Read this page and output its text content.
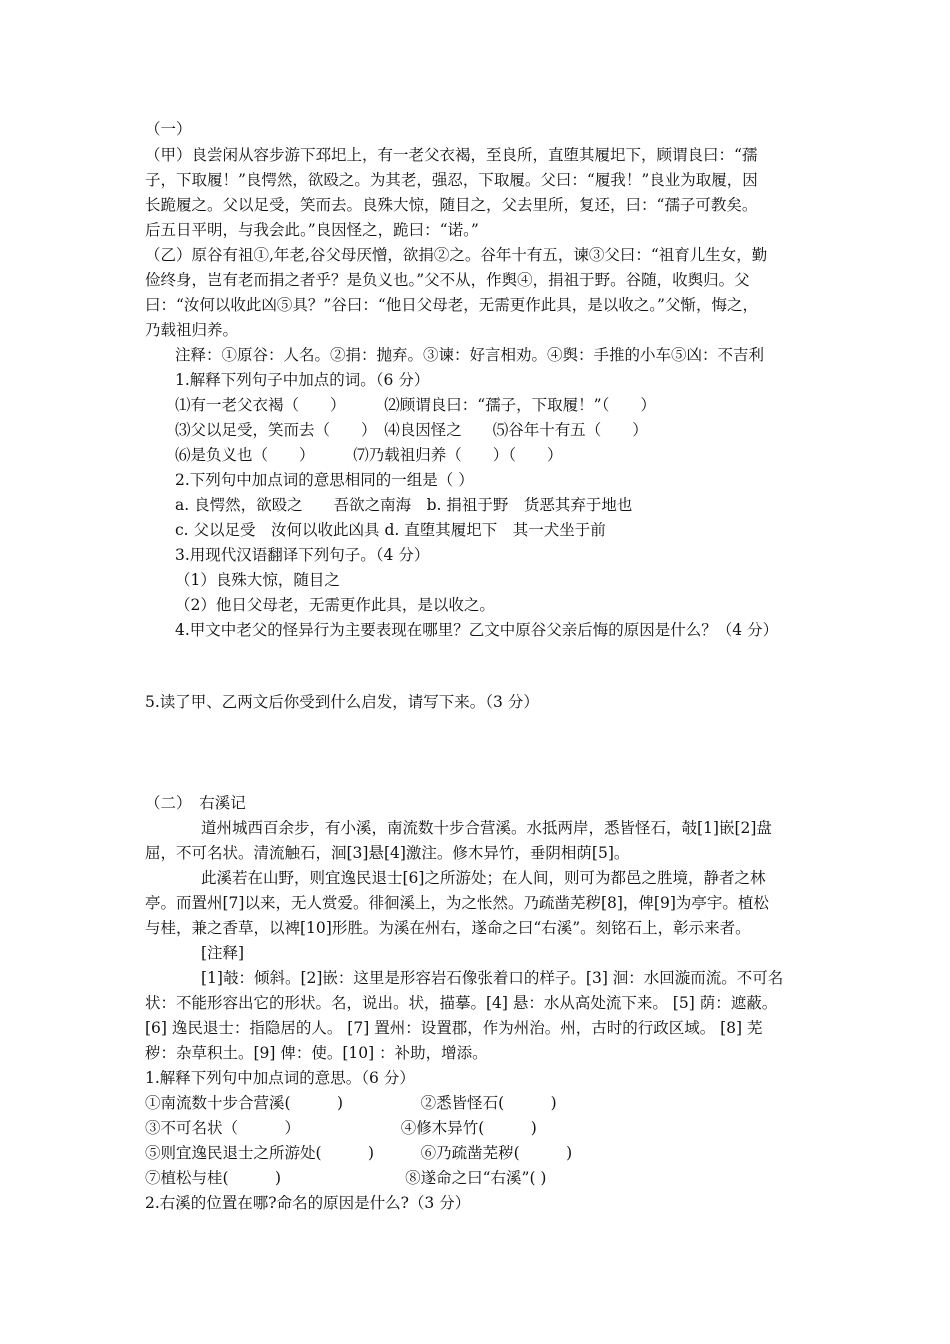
（一）
（甲）良尝闲从容步游下邳圯上，有一老父衣褐，至良所，直堕其履圯下，顾谓良曰：“孺
子，下取履！”良愕然，欲殴之。为其老，强忍，下取履。父曰：“履我！”良业为取履，因
长跪履之。父以足受，笑而去。良殊大惊，随目之，父去里所，复还，曰：“孺子可教矣。
后五日平明，与我会此。”良因怪之，跪曰：“诺。”
（乙）原谷有祖①,年老,谷父母厌憎，欲捐②之。谷年十有五，谏③父曰：“祖育儿生女，勤
俭终身，岂有老而捐之者乎？是负义也。”父不从，作舆④，捐祖于野。谷随，收舆归。父
曰：“汝何以收此凶⑤具？”谷曰：“他日父母老，无需更作此具，是以收之。”父惭，悔之，
乃载祖归养。
注释：①原谷：人名。②捐：抛弃。③谏：好言相劝。④舆：手推的小车⑤凶：不吉利
1.解释下列句子中加点的词。（6 分）
⑴有一老父衣褐（　　）　　　⑵顾谓良曰：“孺子，下取履！”（　　）
⑶父以足受，笑而去（　　）　⑷良因怪之　　⑸谷年十有五（　　）
⑹是负义也（　　）　　　⑺乃载祖归养（　　）（　　）
2.下列句中加点词的意思相同的一组是（ ）
a. 良愕然，欲殴之　　吾欲之南海　b. 捐祖于野　货恶其弃于地也
c. 父以足受　汝何以收此凶具 d. 直堕其履圯下　其一犬坐于前
3.用现代汉语翻译下列句子。（4 分）
（1）良殊大惊，随目之
（2）他日父母老，无需更作此具，是以收之。
4.甲文中老父的怪异行为主要表现在哪里？乙文中原谷父亲后悔的原因是什么？（4 分）
5.读了甲、乙两文后你受到什么启发，请写下来。（3 分）
（二）　右溪记
道州城西百余步，有小溪，南流数十步合营溪。水抵两岸，悉皆怪石，攲[1]嵌[2]盘
屈，不可名状。清流触石，洄[3]悬[4]激注。修木异竹，垂阴相荫[5]。
此溪若在山野，则宜逸民退士[6]之所游处；在人间，则可为都邑之胜境，静者之林
亭。而置州[7]以来，无人赏爱。徘徊溪上，为之怅然。乃疏凿芜秽[8]，俾[9]为亭宇。植松
与桂，兼之香草，以裨[10]形胜。为溪在州右，遂命之曰“右溪”。刻铭石上，彰示来者。
[注释]
[1]攲：倾斜。[2]嵌：这里是形容岩石像张着口的样子。[3] 洄：水回漩而流。不可名
状：不能形容出它的形状。名，说出。状，描摹。[4] 悬：水从高处流下来。 [5] 荫：遮蔽。
[6] 逸民退士：指隐居的人。 [7] 置州：设置郡，作为州治。州，古时的行政区域。 [8] 芜
秽：杂草积土。[9] 俾：使。[10] ：补助，增添。
1.解释下列句中加点词的意思。（6 分）
①南流数十步合营溪(　　　)　　　　　②悉皆怪石(　　　)
③不可名状（　　　）　　　　　　　④修木异竹(　　　)
⑤则宜逸民退士之所游处(　　　)　　　⑥乃疏凿芜秽(　　　)
⑦植松与桂(　　　)　　　　　　　　⑧遂命之曰“右溪”( )
2.右溪的位置在哪?命名的原因是什么?（3 分）
